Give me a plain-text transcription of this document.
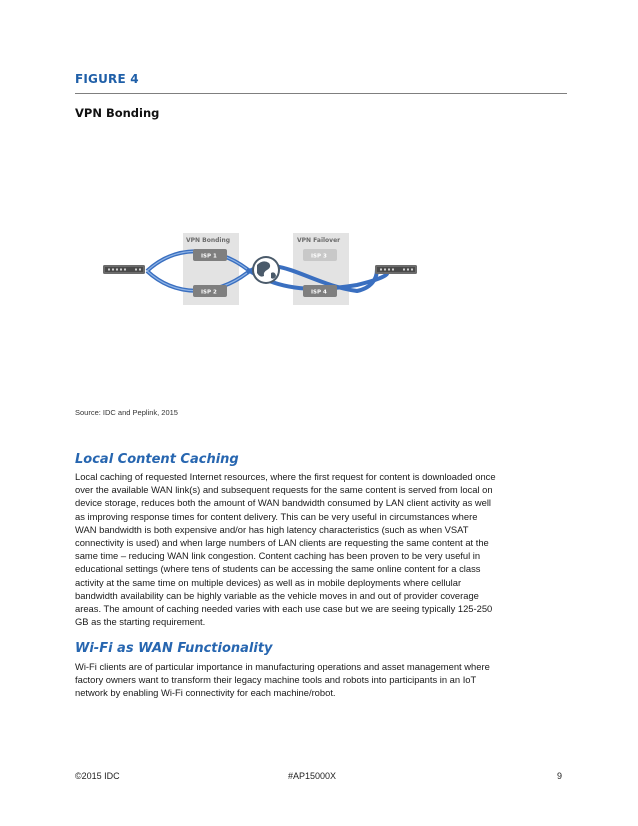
FIGURE 4
VPN Bonding
VPN Bonding	VPN Failover
ISP 1
ISP 2
ISP 3
ISP 4
Source: IDC and Peplink, 2015
Local Content Caching
Local caching of requested Internet resources, where the first request for content is downloaded once
over the available WAN link(s) and subsequent requests for the same content is served from local on
device storage, reduces both the amount of WAN bandwidth consumed by LAN client activity as well
as improving response times for content delivery. This can be very useful in circumstances where
WAN bandwidth is both expensive and/or has high latency characteristics (such as when VSAT
connectivity is used) and when large numbers of LAN clients are requesting the same content at the
same time – reducing WAN link congestion. Content caching has been proven to be very useful in
educational settings (where tens of students can be accessing the same online content for a class
activity at the same time on multiple devices) as well as in mobile deployments where cellular
bandwidth availability can be highly variable as the vehicle moves in and out of provider coverage
areas. The amount of caching needed varies with each use case but we are seeing typically 125-250
GB as the starting requirement.
Wi-Fi as WAN Functionality
Wi-Fi clients are of particular importance in manufacturing operations and asset management where
factory owners want to transform their legacy machine tools and robots into participants in an IoT
network by enabling Wi-Fi connectivity for each machine/robot.
©2015 IDC	#AP15000X	9
